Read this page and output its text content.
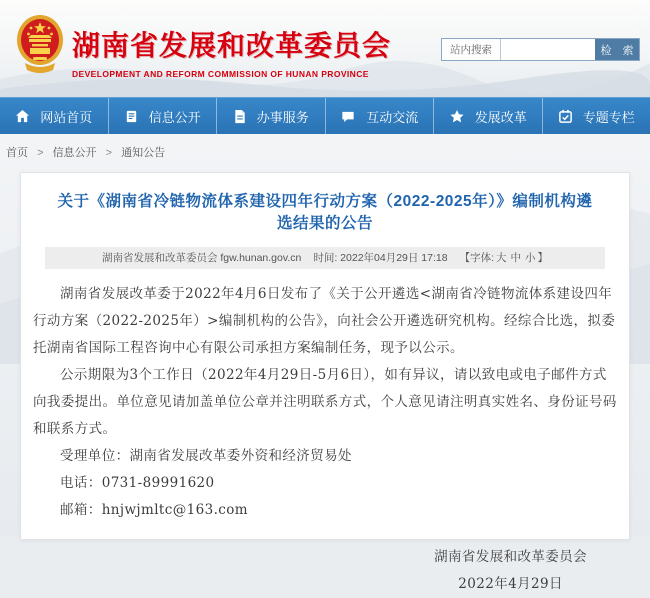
湖南省发展和改革委员会
DEVELOPMENT AND REFORM COMMISSION OF HUNAN PROVINCE
站内搜索	检 索
网站首页	信息公开	办事服务	互动交流	发展改革	专题专栏
首页 > 信息公开 > 通知公告
关于《湖南省冷链物流体系建设四年行动方案（2022-2025年）》编制机构遴选结果的公告
湖南省发展和改革委员会 fgw.hunan.gov.cn 时间: 2022年04月29日 17:18 【字体: 大 中 小 】

湖南省发展改革委于2022年4月6日发布了《关于公开遴选<湖南省冷链物流体系建设四年行动方案（2022-2025年）>编制机构的公告》，向社会公开遴选研究机构。经综合比选，拟委托湖南省国际工程咨询中心有限公司承担方案编制任务，现予以公示。

公示期限为3个工作日（2022年4月29日-5月6日），如有异议，请以致电或电子邮件方式向我委提出。单位意见请加盖单位公章并注明联系方式，个人意见请注明真实姓名、身份证号码和联系方式。

受理单位：湖南省发展改革委外资和经济贸易处

电话：0731-89991620

邮箱：hnjwjmltc@163.com

湖南省发展和改革委员会
2022年4月29日
